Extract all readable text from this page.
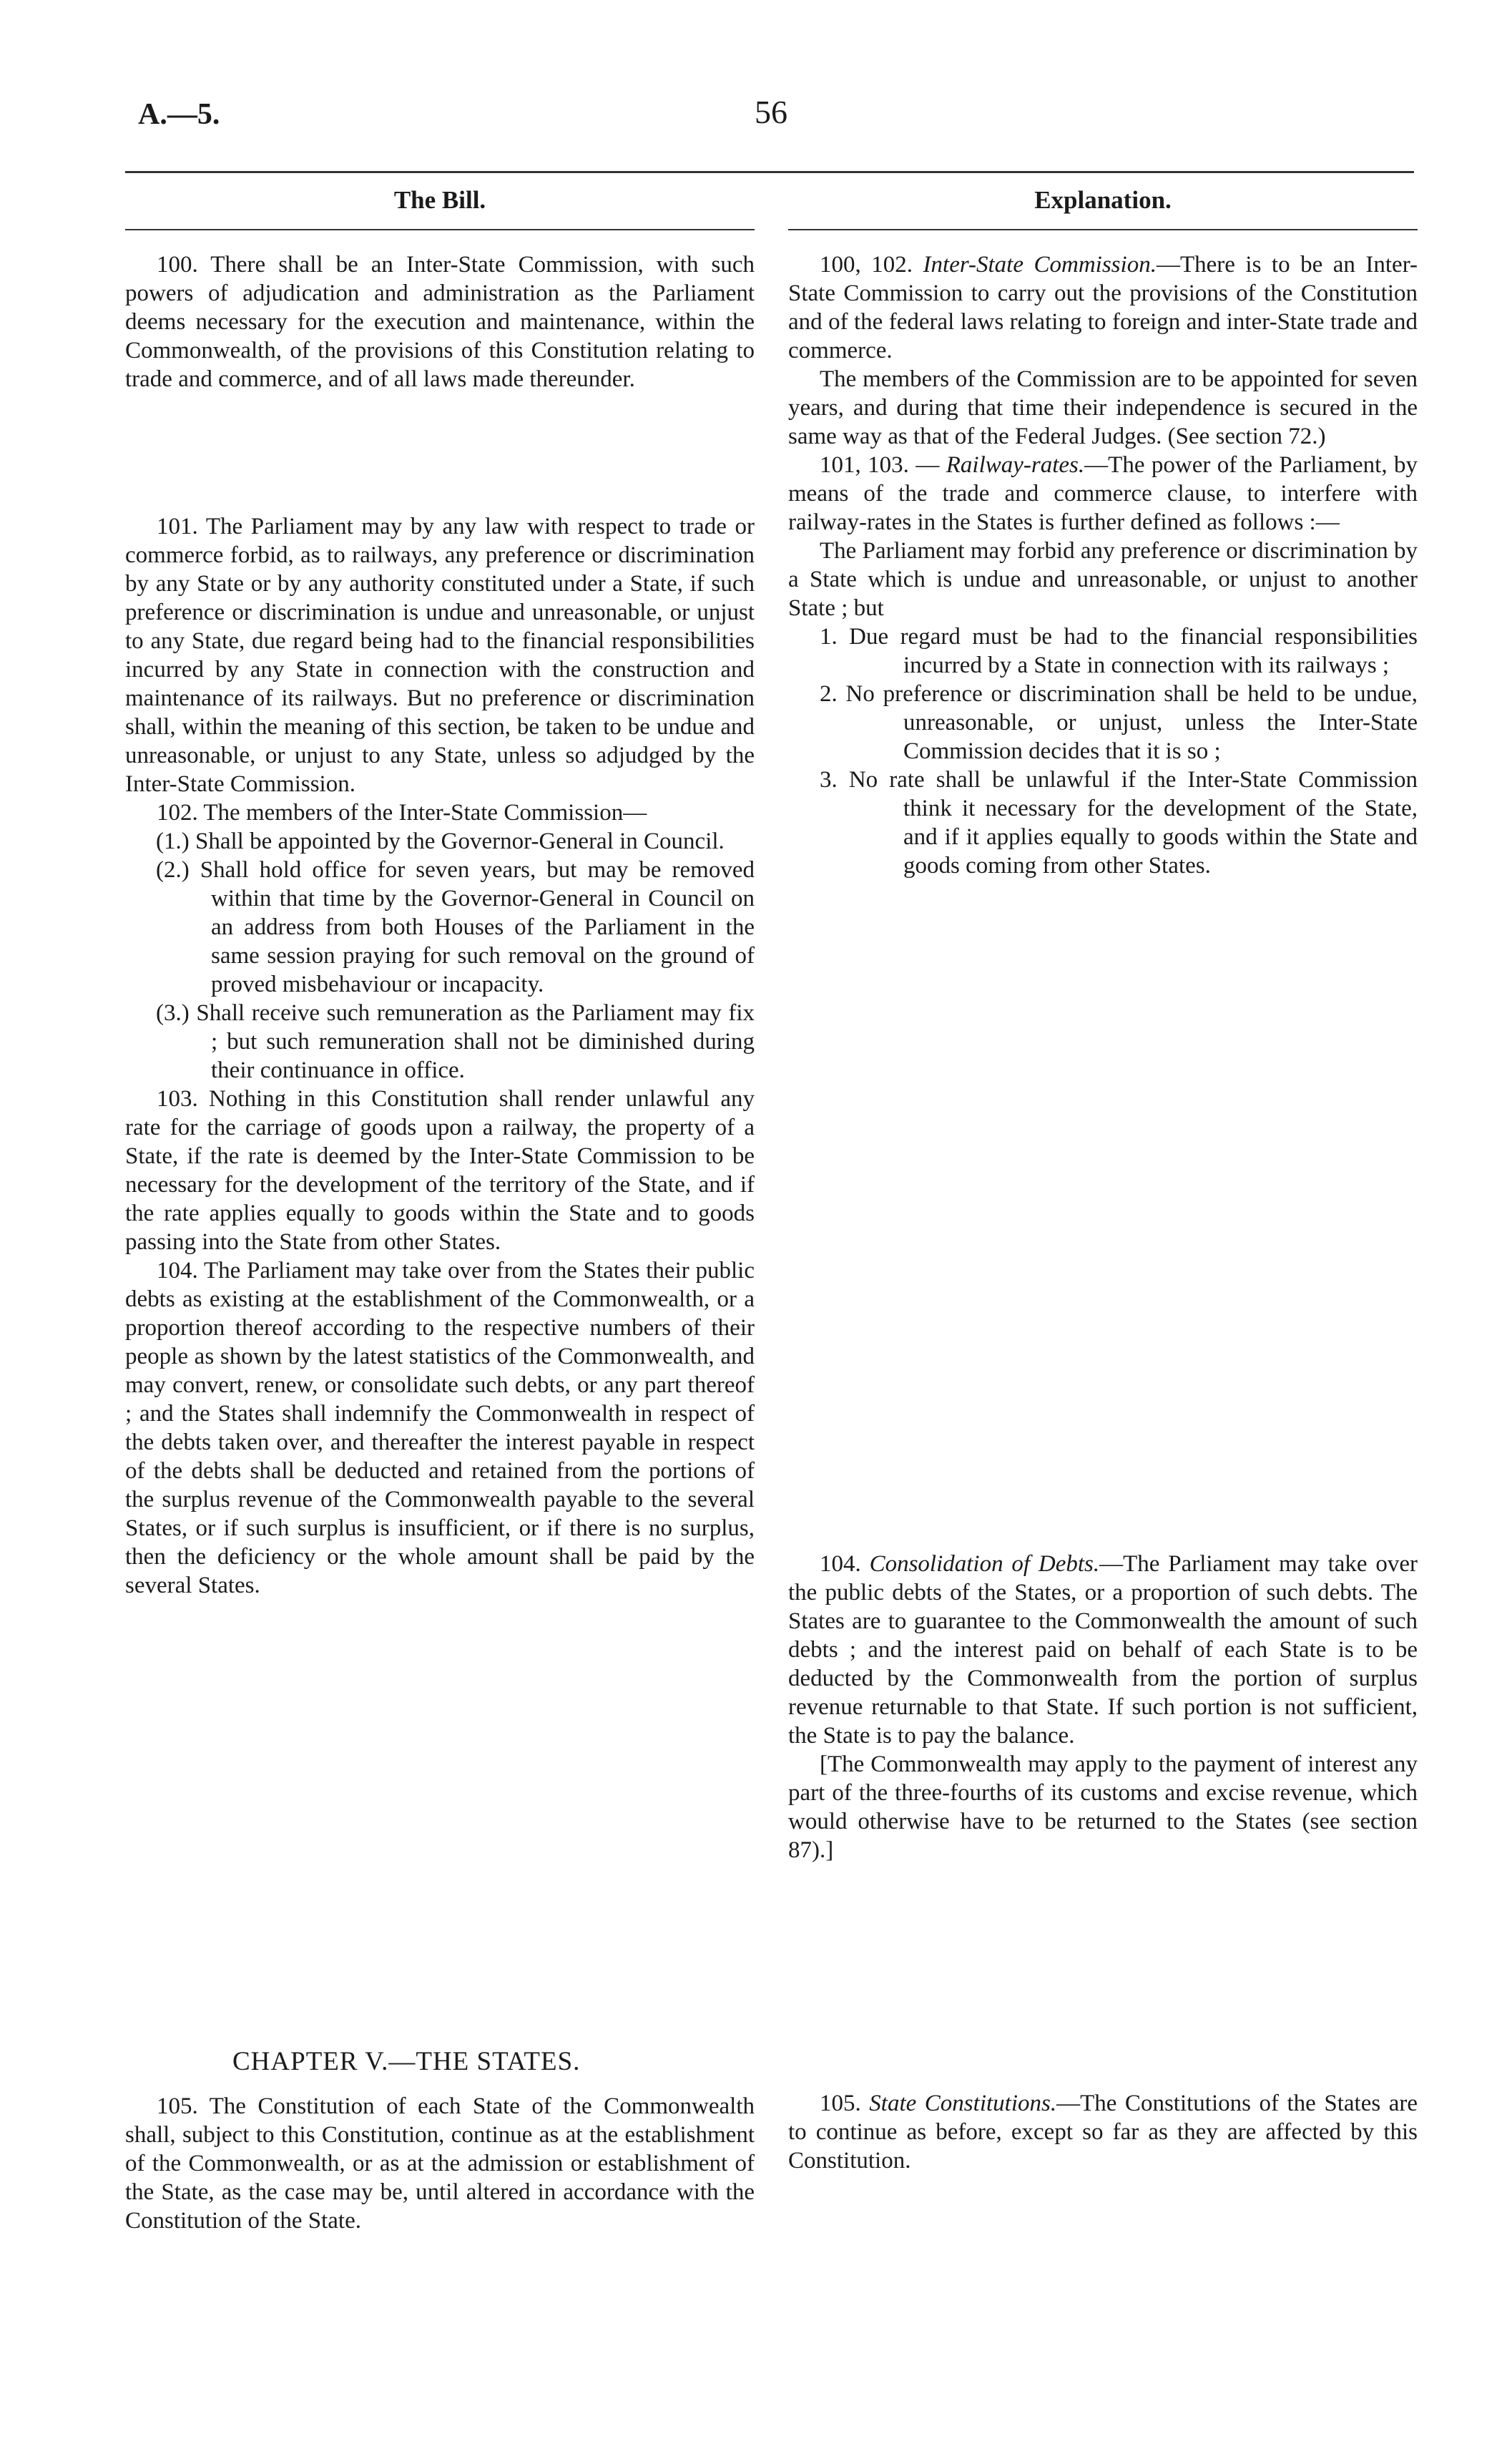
A.—5.	56
The Bill.	Explanation.

100. There shall be an Inter-State Commission, with such powers of adjudication and administration as the Parliament deems necessary for the execution and maintenance, within the Commonwealth, of the provisions of this Constitution relating to trade and commerce, and of all laws made thereunder.

101. The Parliament may by any law with respect to trade or commerce forbid, as to railways, any preference or discrimination by any State or by any authority constituted under a State, if such preference or discrimination is undue and unreasonable, or unjust to any State, due regard being had to the financial responsibilities incurred by any State in connection with the construction and maintenance of its railways. But no preference or discrimination shall, within the meaning of this section, be taken to be undue and unreasonable, or unjust to any State, unless so adjudged by the Inter-State Commission.

102. The members of the Inter-State Commission—

(1.) Shall be appointed by the Governor-General in Council.

(2.) Shall hold office for seven years, but may be removed within that time by the Governor-General in Council on an address from both Houses of the Parliament in the same session praying for such removal on the ground of proved misbehaviour or incapacity.

(3.) Shall receive such remuneration as the Parliament may fix ; but such remuneration shall not be diminished during their continuance in office.

103. Nothing in this Constitution shall render unlawful any rate for the carriage of goods upon a railway, the property of a State, if the rate is deemed by the Inter-State Commission to be necessary for the development of the territory of the State, and if the rate applies equally to goods within the State and to goods passing into the State from other States.

104. The Parliament may take over from the States their public debts as existing at the establishment of the Commonwealth, or a proportion thereof according to the respective numbers of their people as shown by the latest statistics of the Commonwealth, and may convert, renew, or consolidate such debts, or any part thereof ; and the States shall indemnify the Commonwealth in respect of the debts taken over, and thereafter the interest payable in respect of the debts shall be deducted and retained from the portions of the surplus revenue of the Commonwealth payable to the several States, or if such surplus is insufficient, or if there is no surplus, then the deficiency or the whole amount shall be paid by the several States.

CHAPTER V.—THE STATES.

105. The Constitution of each State of the Commonwealth shall, subject to this Constitution, continue as at the establishment of the Commonwealth, or as at the admission or establishment of the State, as the case may be, until altered in accordance with the Constitution of the State.

100, 102. Inter-State Commission.—There is to be an Inter-State Commission to carry out the provisions of the Constitution and of the federal laws relating to foreign and inter-State trade and commerce.

The members of the Commission are to be appointed for seven years, and during that time their independence is secured in the same way as that of the Federal Judges. (See section 72.)

101, 103. — Railway-rates.—The power of the Parliament, by means of the trade and commerce clause, to interfere with railway-rates in the States is further defined as follows :—

The Parliament may forbid any preference or discrimination by a State which is undue and unreasonable, or unjust to another State ; but

1. Due regard must be had to the financial responsibilities incurred by a State in connection with its railways ;

2. No preference or discrimination shall be held to be undue, unreasonable, or unjust, unless the Inter-State Commission decides that it is so ;

3. No rate shall be unlawful if the Inter-State Commission think it necessary for the development of the State, and if it applies equally to goods within the State and goods coming from other States.

104. Consolidation of Debts.—The Parliament may take over the public debts of the States, or a proportion of such debts. The States are to guarantee to the Commonwealth the amount of such debts ; and the interest paid on behalf of each State is to be deducted by the Commonwealth from the portion of surplus revenue returnable to that State. If such portion is not sufficient, the State is to pay the balance.

[The Commonwealth may apply to the payment of interest any part of the three-fourths of its customs and excise revenue, which would otherwise have to be returned to the States (see section 87).]

105. State Constitutions.—The Constitutions of the States are to continue as before, except so far as they are affected by this Constitution.
